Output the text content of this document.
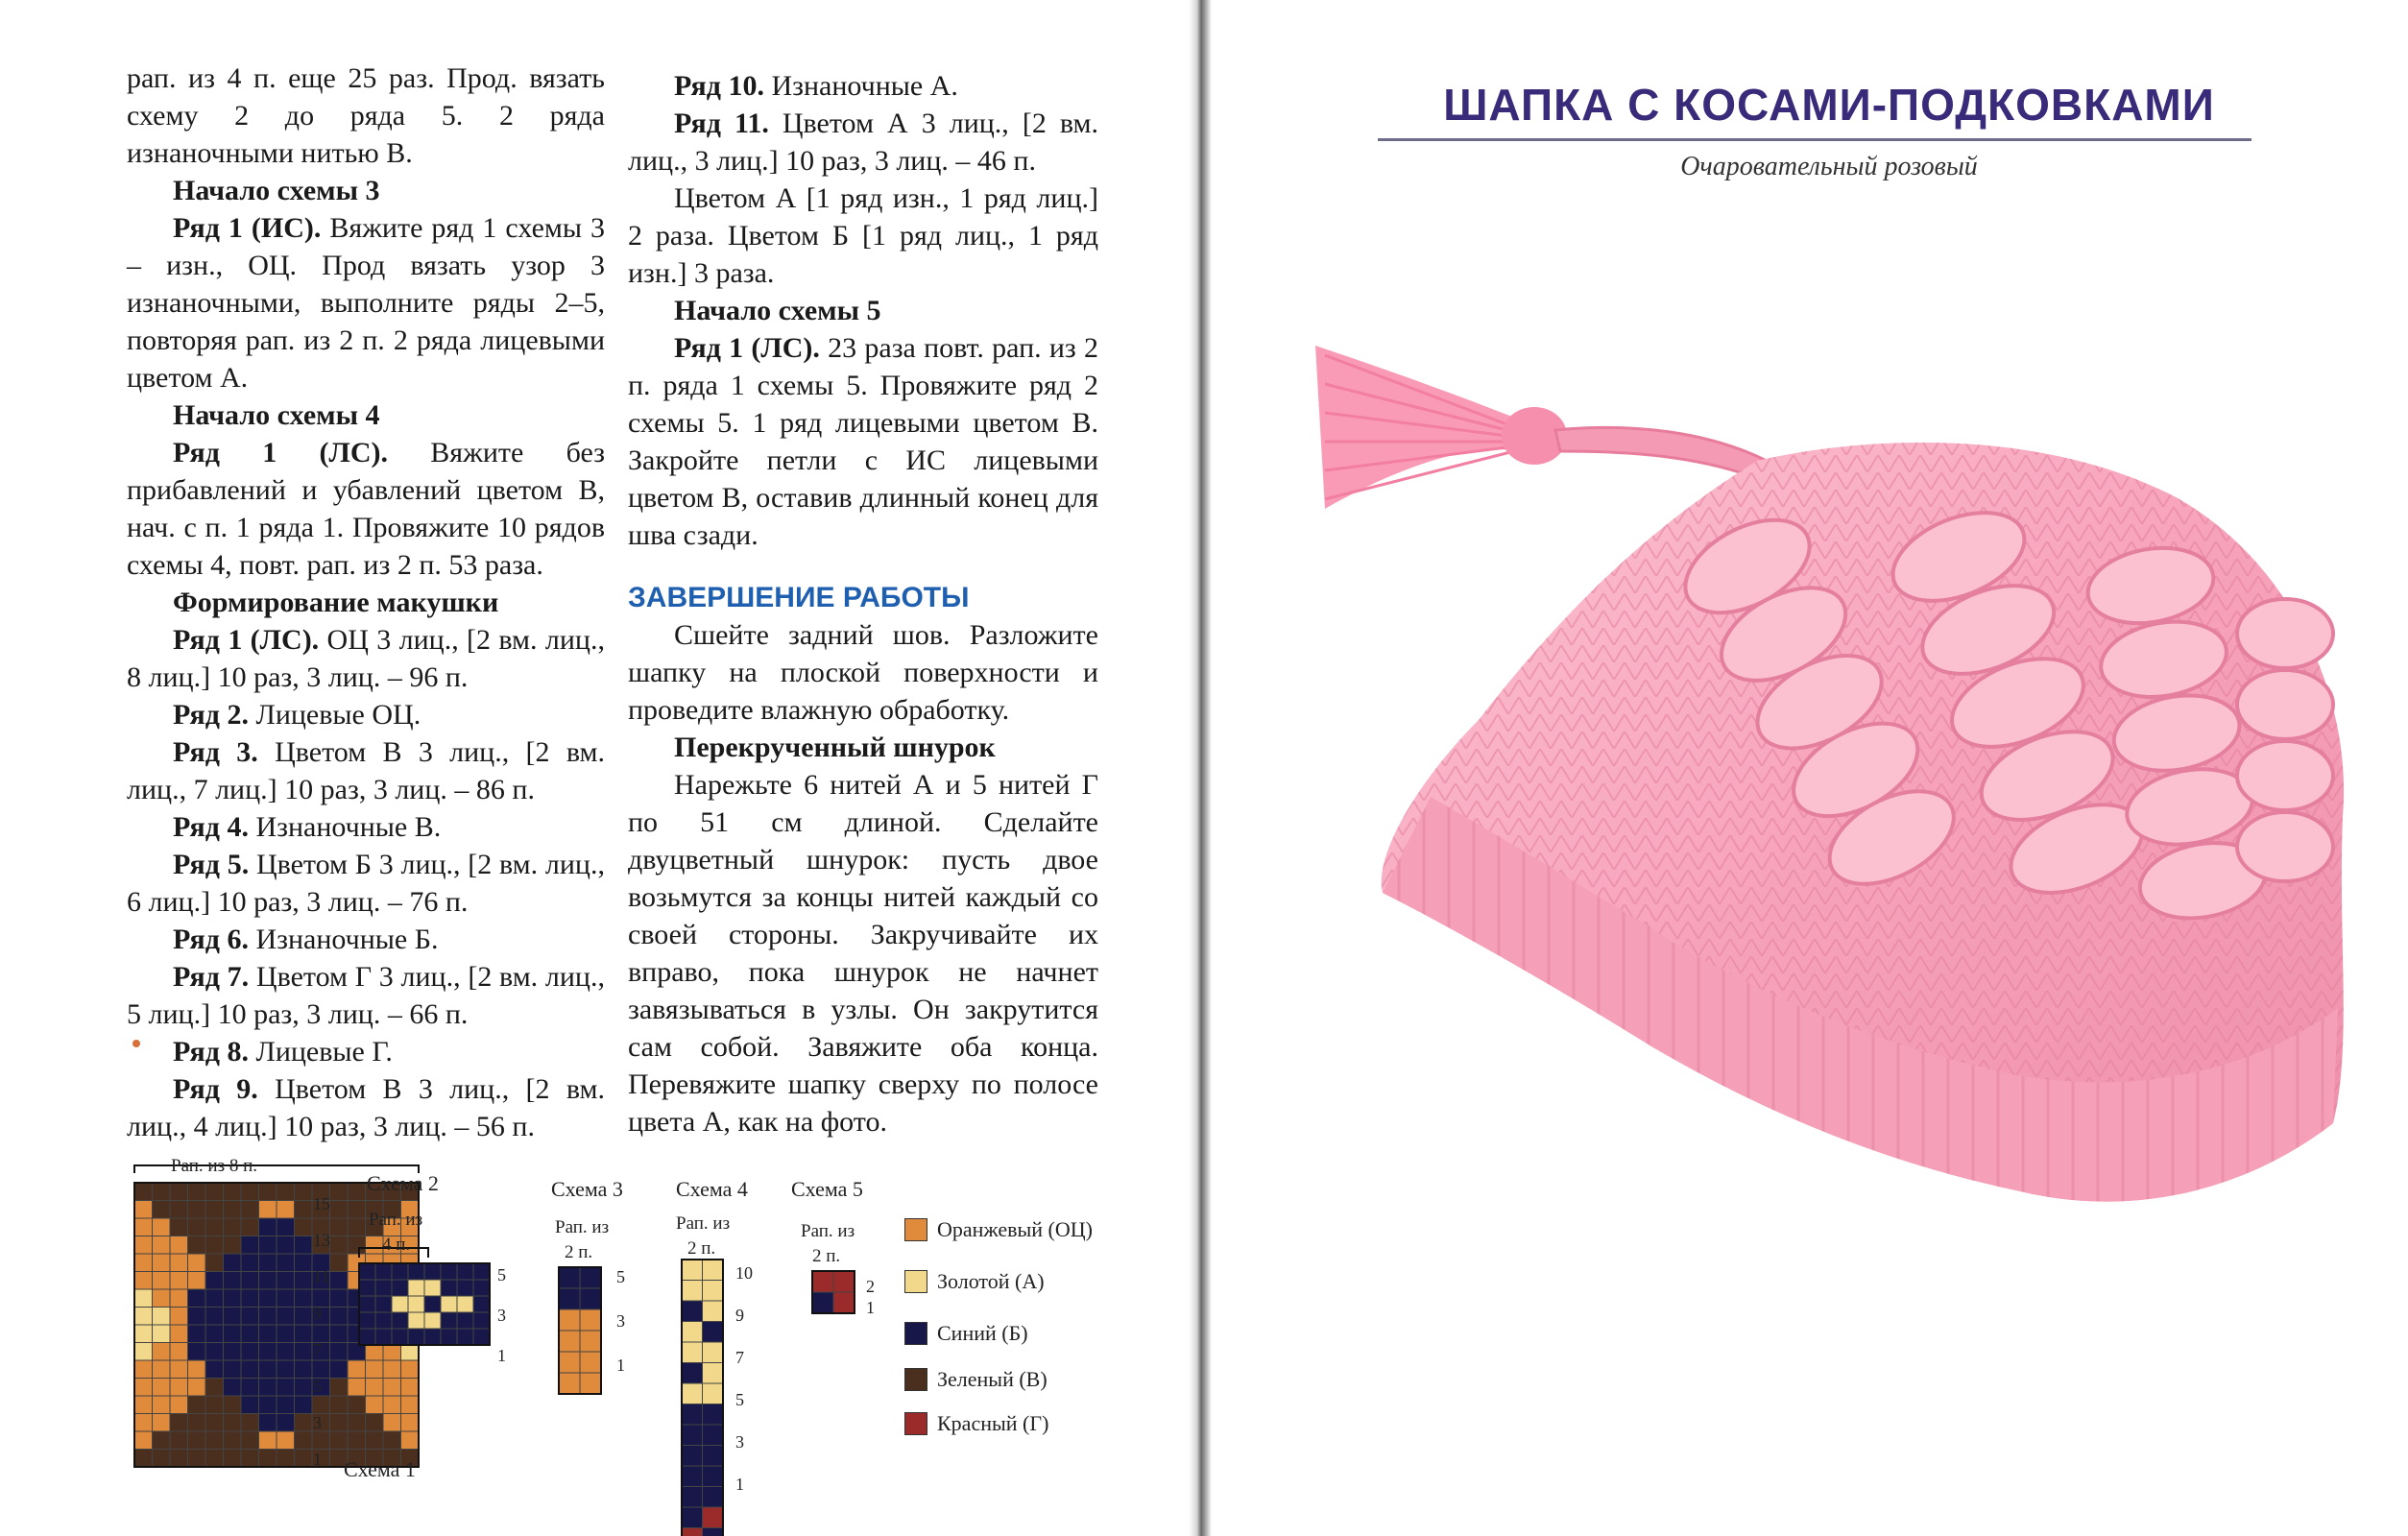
рап. из 4 п. еще 25 раз. Прод. вязать схему 2 до ряда 5. 2 ряда изнаночными нитью В.

Начало схемы 3

Ряд 1 (ИС). Вяжите ряд 1 схемы 3 – изн., ОЦ. Прод вязать узор 3 изнаночными, выполните ряды 2–5, повторяя рап. из 2 п. 2 ряда лицевыми цветом А.

Начало схемы 4

Ряд 1 (ЛС). Вяжите без прибавлений и убавлений цветом В, нач. с п. 1 ряда 1. Провяжите 10 рядов схемы 4, повт. рап. из 2 п. 53 раза.

Формирование макушки

Ряд 1 (ЛС). ОЦ 3 лиц., [2 вм. лиц., 8 лиц.] 10 раз, 3 лиц. – 96 п.

Ряд 2. Лицевые ОЦ.

Ряд 3. Цветом В 3 лиц., [2 вм. лиц., 7 лиц.] 10 раз, 3 лиц. – 86 п.

Ряд 4. Изнаночные В.

Ряд 5. Цветом Б 3 лиц., [2 вм. лиц., 6 лиц.] 10 раз, 3 лиц. – 76 п.

Ряд 6. Изнаночные Б.

Ряд 7. Цветом Г 3 лиц., [2 вм. лиц., 5 лиц.] 10 раз, 3 лиц. – 66 п.

Ряд 8. Лицевые Г.

Ряд 9. Цветом В 3 лиц., [2 вм. лиц., 4 лиц.] 10 раз, 3 лиц. – 56 п.

Ряд 10. Изнаночные А.

Ряд 11. Цветом А 3 лиц., [2 вм. лиц., 3 лиц.] 10 раз, 3 лиц. – 46 п.

Цветом А [1 ряд изн., 1 ряд лиц.] 2 раза. Цветом Б [1 ряд лиц., 1 ряд изн.] 3 раза.

Начало схемы 5

Ряд 1 (ЛС). 23 раза повт. рап. из 2 п. ряда 1 схемы 5. Провяжите ряд 2 схемы 5. 1 ряд лицевыми цветом В. Закройте петли с ИС лицевыми цветом В, оставив длинный конец для шва сзади.

ЗАВЕРШЕНИЕ РАБОТЫ

Сшейте задний шов. Разложите шапку на плоской поверхности и проведите влажную обработку.

Перекрученный шнурок

Нарежьте 6 нитей А и 5 нитей Г по 51 см длиной. Сделайте двуцветный шнурок: пусть двое возьмутся за концы нитей каждый со своей стороны. Закручивайте их вправо, пока шнурок не начнет завязываться в узлы. Он закрутится сам собой. Завяжите оба конца. Перевяжите шапку сверху по полосе цвета А, как на фото.

Рап. из 8 п.
Схема 1
Схема 2
Рап. из
4 п.
Схема 3
Рап. из
2 п.
Схема 4
Рап. из
2 п.
Схема 5
Рап. из
2 п.
15
13
11
9
7
5
3
1
5
3
1
5
3
1
10
9
7
5
3
1
2
1
Оранжевый (ОЦ)
Золотой (А)
Синий (Б)
Зеленый (В)
Красный (Г)
ШАПКА С КОСАМИ-ПОДКОВКАМИ
Очаровательный розовый
